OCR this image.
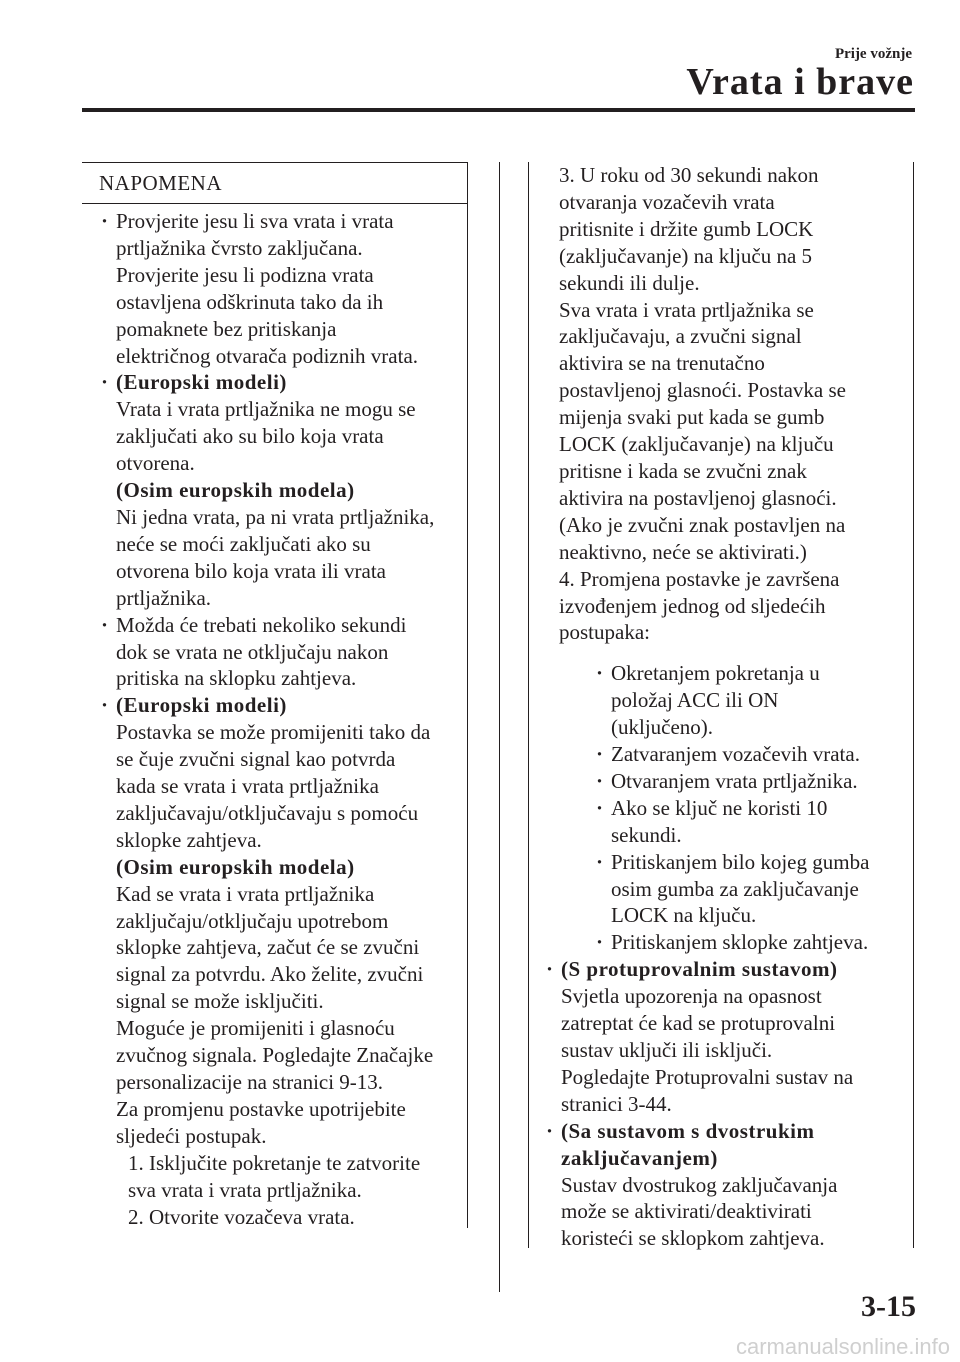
Prije vožnje
Vrata i brave
NAPOMENA
· Provjerite jesu li sva vrata i vrata
prtljažnika čvrsto zaključana.
Provjerite jesu li podizna vrata
ostavljena odškrinuta tako da ih
pomaknete bez pritiskanja
električnog otvarača podiznih vrata.
· (Europski modeli)
Vrata i vrata prtljažnika ne mogu se
zaključati ako su bilo koja vrata
otvorena.
(Osim europskih modela)
Ni jedna vrata, pa ni vrata prtljažnika,
neće se moći zaključati ako su
otvorena bilo koja vrata ili vrata
prtljažnika.
· Možda će trebati nekoliko sekundi
dok se vrata ne otključaju nakon
pritiska na sklopku zahtjeva.
· (Europski modeli)
Postavka se može promijeniti tako da
se čuje zvučni signal kao potvrda
kada se vrata i vrata prtljažnika
zaključavaju/otključavaju s pomoću
sklopke zahtjeva.
(Osim europskih modela)
Kad se vrata i vrata prtljažnika
zaključaju/otključaju upotrebom
sklopke zahtjeva, začut će se zvučni
signal za potvrdu. Ako želite, zvučni
signal se može isključiti.
Moguće je promijeniti i glasnoću
zvučnog signala. Pogledajte Značajke
personalizacije na stranici 9-13.
Za promjenu postavke upotrijebite
sljedeći postupak.
1. Isključite pokretanje te zatvorite
sva vrata i vrata prtljažnika.
2. Otvorite vozačeva vrata.
3. U roku od 30 sekundi nakon
otvaranja vozačevih vrata
pritisnite i držite gumb LOCK
(zaključavanje) na ključu na 5
sekundi ili dulje.
Sva vrata i vrata prtljažnika se
zaključavaju, a zvučni signal
aktivira se na trenutačno
postavljenoj glasnoći. Postavka se
mijenja svaki put kada se gumb
LOCK (zaključavanje) na ključu
pritisne i kada se zvučni znak
aktivira na postavljenoj glasnoći.
(Ako je zvučni znak postavljen na
neaktivno, neće se aktivirati.)
4. Promjena postavke je završena
izvođenjem jednog od sljedećih
postupaka:
· Okretanjem pokretanja u
položaj ACC ili ON
(uključeno).
· Zatvaranjem vozačevih vrata.
· Otvaranjem vrata prtljažnika.
· Ako se ključ ne koristi 10
sekundi.
· Pritiskanjem bilo kojeg gumba
osim gumba za zaključavanje
LOCK na ključu.
· Pritiskanjem sklopke zahtjeva.
· (S protuprovalnim sustavom)
Svjetla upozorenja na opasnost
zatreptat će kad se protuprovalni
sustav uključi ili isključi.
Pogledajte Protuprovalni sustav na
stranici 3-44.
· (Sa sustavom s dvostrukim
zaključavanjem)
Sustav dvostrukog zaključavanja
može se aktivirati/deaktivirati
koristeći se sklopkom zahtjeva.
3-15
carmanualsonline.info
